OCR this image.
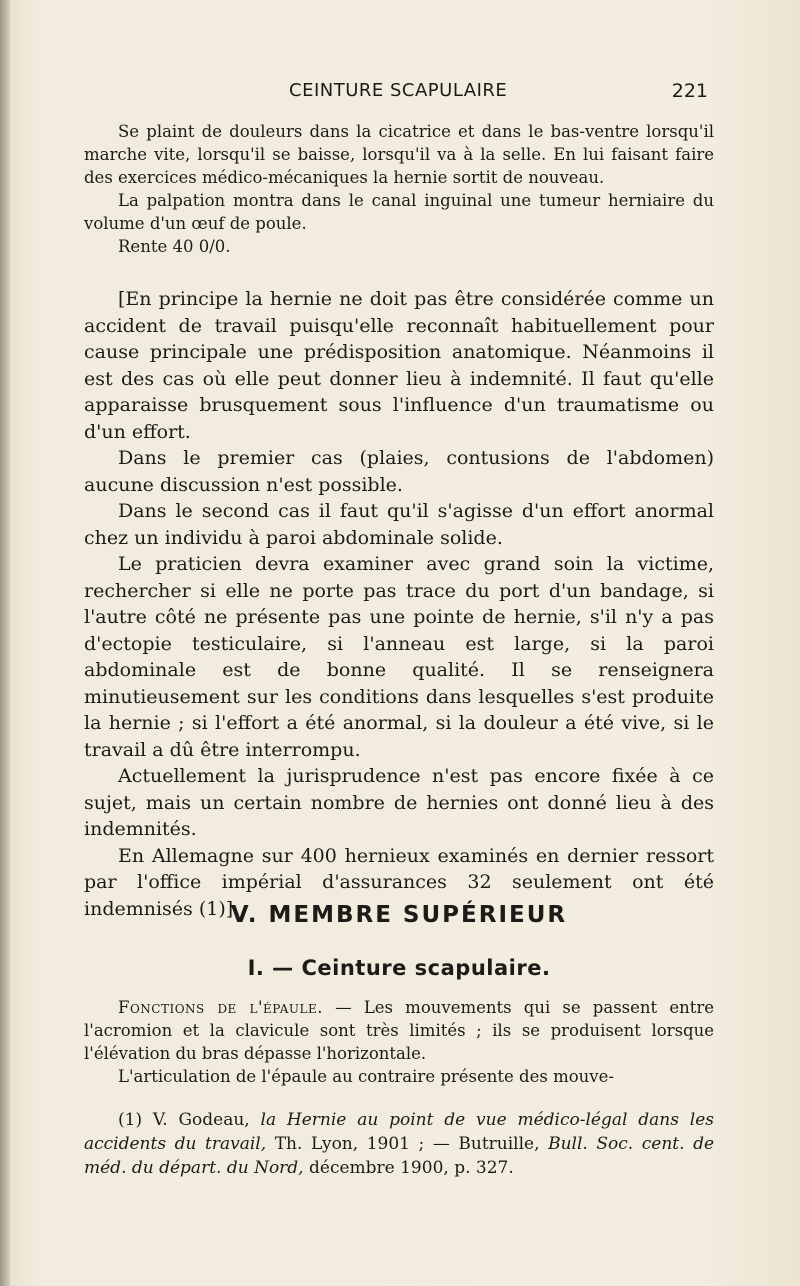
CEINTURE SCAPULAIRE	221

Se plaint de douleurs dans la cicatrice et dans le bas-ventre lorsqu'il marche vite, lorsqu'il se baisse, lorsqu'il va à la selle. En lui faisant faire des exercices médico-mécaniques la hernie sortit de nouveau.

La palpation montra dans le canal inguinal une tumeur herniaire du volume d'un œuf de poule.

Rente 40 0/0.

[En principe la hernie ne doit pas être considérée comme un accident de travail puisqu'elle reconnaît habituellement pour cause principale une prédisposition anatomique. Néanmoins il est des cas où elle peut donner lieu à indemnité. Il faut qu'elle apparaisse brusquement sous l'influence d'un traumatisme ou d'un effort.

Dans le premier cas (plaies, contusions de l'abdomen) aucune discussion n'est possible.

Dans le second cas il faut qu'il s'agisse d'un effort anormal chez un individu à paroi abdominale solide.

Le praticien devra examiner avec grand soin la victime, rechercher si elle ne porte pas trace du port d'un bandage, si l'autre côté ne présente pas une pointe de hernie, s'il n'y a pas d'ectopie testiculaire, si l'anneau est large, si la paroi abdominale est de bonne qualité. Il se renseignera minutieusement sur les conditions dans lesquelles s'est produite la hernie ; si l'effort a été anormal, si la douleur a été vive, si le travail a dû être interrompu.

Actuellement la jurisprudence n'est pas encore fixée à ce sujet, mais un certain nombre de hernies ont donné lieu à des indemnités.

En Allemagne sur 400 hernieux examinés en dernier ressort par l'office impérial d'assurances 32 seulement ont été indemnisés (1)].

V. MEMBRE SUPÉRIEUR
I. — Ceinture scapulaire.

Fonctions de l'épaule. — Les mouvements qui se passent entre l'acromion et la clavicule sont très limités ; ils se produisent lorsque l'élévation du bras dépasse l'horizontale.

L'articulation de l'épaule au contraire présente des mouve-

(1) V. Godeau, la Hernie au point de vue médico-légal dans les accidents du travail, Th. Lyon, 1901 ; — Butruille, Bull. Soc. cent. de méd. du départ. du Nord, décembre 1900, p. 327.
